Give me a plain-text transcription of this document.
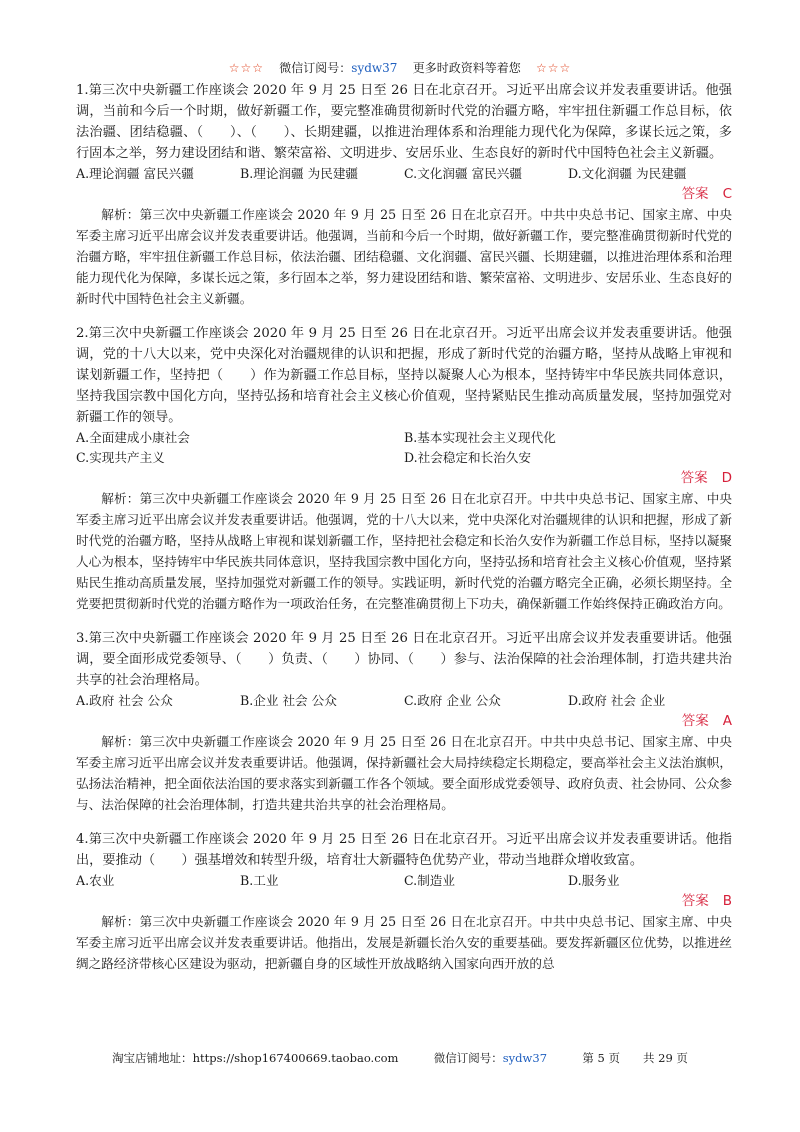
☆☆☆ 微信订阅号：sydw37 更多时政资料等着您 ☆☆☆

1.第三次中央新疆工作座谈会 2020 年 9 月 25 日至 26 日在北京召开。习近平出席会议并发表重要讲话。他强调，当前和今后一个时期，做好新疆工作，要完整准确贯彻新时代党的治疆方略，牢牢扭住新疆工作总目标，依法治疆、团结稳疆、（　　）、（　　）、长期建疆，以推进治理体系和治理能力现代化为保障，多谋长远之策，多行固本之举，努力建设团结和谐、繁荣富裕、文明进步、安居乐业、生态良好的新时代中国特色社会主义新疆。

A.理论润疆 富民兴疆	B.理论润疆 为民建疆	C.文化润疆 富民兴疆	D.文化润疆 为民建疆

答案 C

解析：第三次中央新疆工作座谈会 2020 年 9 月 25 日至 26 日在北京召开。中共中央总书记、国家主席、中央军委主席习近平出席会议并发表重要讲话。他强调，当前和今后一个时期，做好新疆工作，要完整准确贯彻新时代党的治疆方略，牢牢扭住新疆工作总目标，依法治疆、团结稳疆、文化润疆、富民兴疆、长期建疆，以推进治理体系和治理能力现代化为保障，多谋长远之策，多行固本之举，努力建设团结和谐、繁荣富裕、文明进步、安居乐业、生态良好的新时代中国特色社会主义新疆。

2.第三次中央新疆工作座谈会 2020 年 9 月 25 日至 26 日在北京召开。习近平出席会议并发表重要讲话。他强调，党的十八大以来，党中央深化对治疆规律的认识和把握，形成了新时代党的治疆方略，坚持从战略上审视和谋划新疆工作，坚持把（　　）作为新疆工作总目标，坚持以凝聚人心为根本，坚持铸牢中华民族共同体意识，坚持我国宗教中国化方向，坚持弘扬和培育社会主义核心价值观，坚持紧贴民生推动高质量发展，坚持加强党对新疆工作的领导。

A.全面建成小康社会	B.基本实现社会主义现代化
C.实现共产主义	D.社会稳定和长治久安

答案 D

解析：第三次中央新疆工作座谈会 2020 年 9 月 25 日至 26 日在北京召开。中共中央总书记、国家主席、中央军委主席习近平出席会议并发表重要讲话。他强调，党的十八大以来，党中央深化对治疆规律的认识和把握，形成了新时代党的治疆方略，坚持从战略上审视和谋划新疆工作，坚持把社会稳定和长治久安作为新疆工作总目标，坚持以凝聚人心为根本，坚持铸牢中华民族共同体意识，坚持我国宗教中国化方向，坚持弘扬和培育社会主义核心价值观，坚持紧贴民生推动高质量发展，坚持加强党对新疆工作的领导。实践证明，新时代党的治疆方略完全正确，必须长期坚持。全党要把贯彻新时代党的治疆方略作为一项政治任务，在完整准确贯彻上下功夫，确保新疆工作始终保持正确政治方向。

3.第三次中央新疆工作座谈会 2020 年 9 月 25 日至 26 日在北京召开。习近平出席会议并发表重要讲话。他强调，要全面形成党委领导、（　　）负责、（　　）协同、（　　）参与、法治保障的社会治理体制，打造共建共治共享的社会治理格局。

A.政府 社会 公众	B.企业 社会 公众	C.政府 企业 公众	D.政府 社会 企业

答案 A

解析：第三次中央新疆工作座谈会 2020 年 9 月 25 日至 26 日在北京召开。中共中央总书记、国家主席、中央军委主席习近平出席会议并发表重要讲话。他强调，保持新疆社会大局持续稳定长期稳定，要高举社会主义法治旗帜，弘扬法治精神，把全面依法治国的要求落实到新疆工作各个领域。要全面形成党委领导、政府负责、社会协同、公众参与、法治保障的社会治理体制，打造共建共治共享的社会治理格局。

4.第三次中央新疆工作座谈会 2020 年 9 月 25 日至 26 日在北京召开。习近平出席会议并发表重要讲话。他指出，要推动（　　）强基增效和转型升级，培育壮大新疆特色优势产业，带动当地群众增收致富。

A.农业	B.工业	C.制造业	D.服务业

答案 B

解析：第三次中央新疆工作座谈会 2020 年 9 月 25 日至 26 日在北京召开。中共中央总书记、国家主席、中央军委主席习近平出席会议并发表重要讲话。他指出，发展是新疆长治久安的重要基础。要发挥新疆区位优势，以推进丝绸之路经济带核心区建设为驱动，把新疆自身的区域性开放战略纳入国家向西开放的总

淘宝店铺地址：https://shop167400669.taobao.com	微信订阅号：sydw37	第 5 页　　共 29 页
